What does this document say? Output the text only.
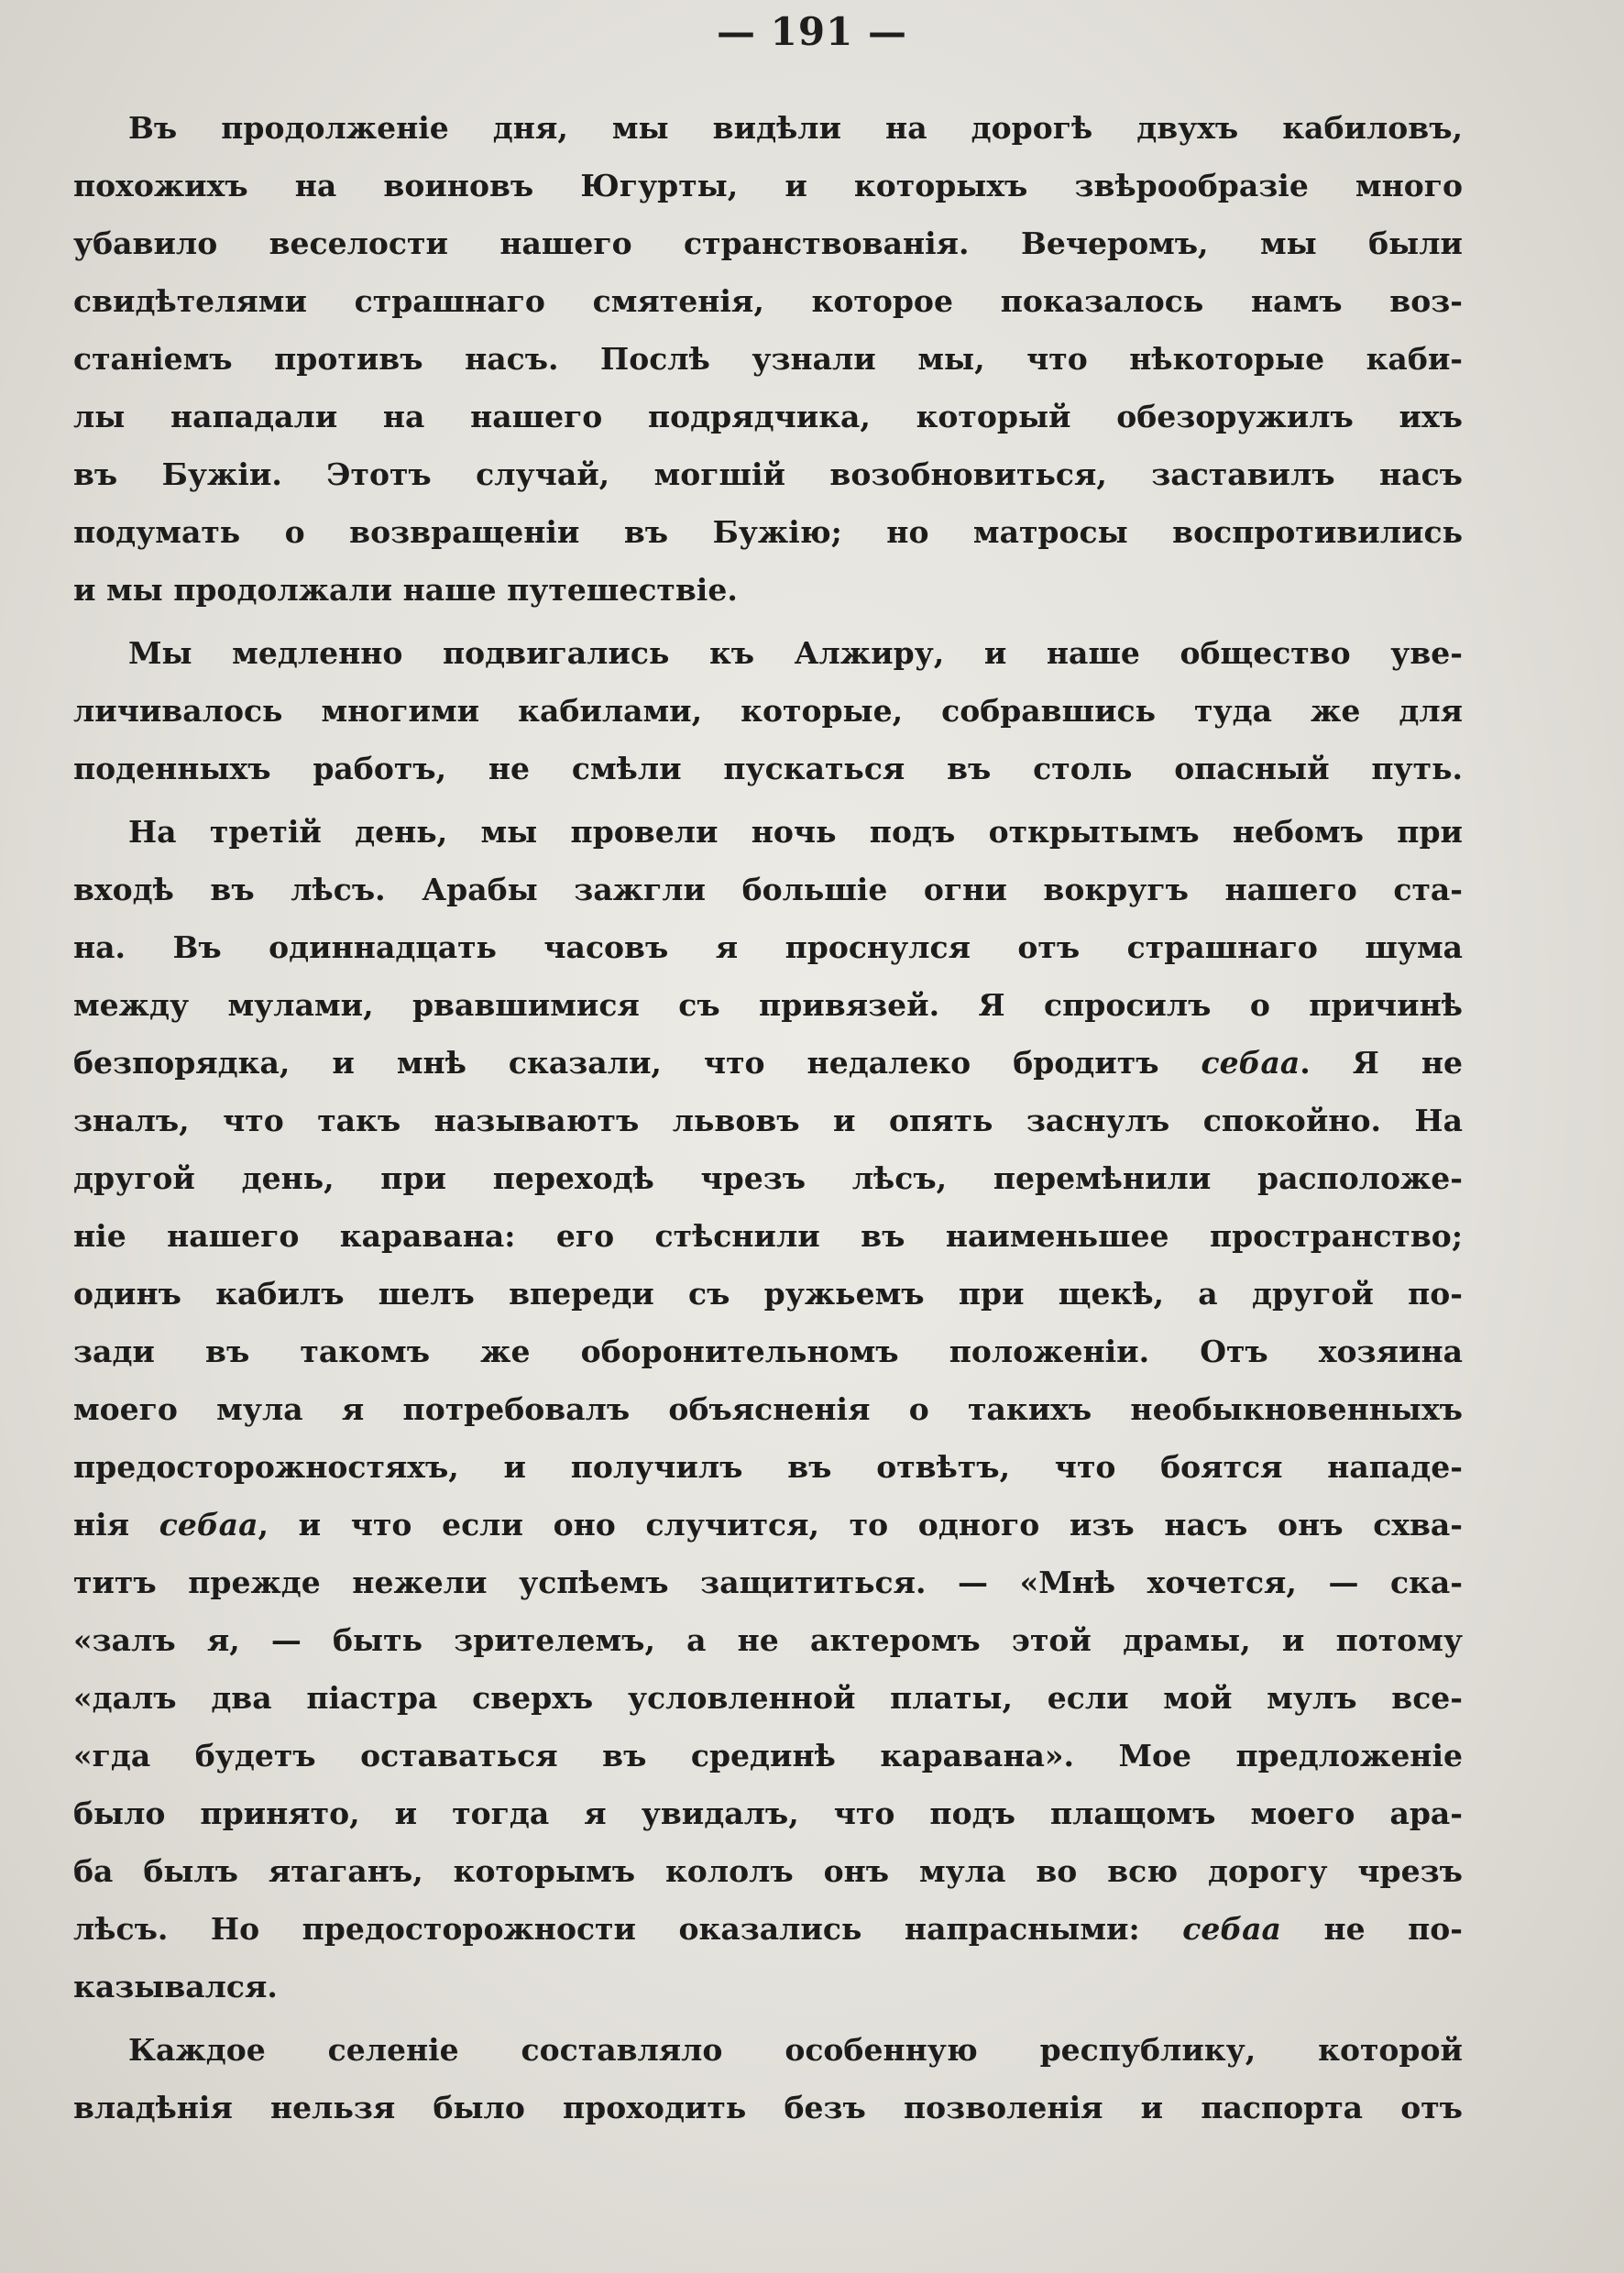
— 191 —
Въ продолженіе дня, мы видѣли на дорогѣ двухъ кабиловъ,
похожихъ на воиновъ Югурты, и которыхъ звѣрообразіе много
убавило веселости нашего странствованія. Вечеромъ, мы были
свидѣтелями страшнаго смятенія, которое показалось намъ воз-
станіемъ противъ насъ. Послѣ узнали мы, что нѣкоторые каби-
лы нападали на нашего подрядчика, который обезоружилъ ихъ
въ Бужіи. Этотъ случай, могшій возобновиться, заставилъ насъ
подумать о возвращеніи въ Бужію; но матросы воспротивились
и мы продолжали наше путешествіе.
Мы медленно подвигались къ Алжиру, и наше общество уве-
личивалось многими кабилами, которые, собравшись туда же для
поденныхъ работъ, не смѣли пускаться въ столь опасный путь.
На третій день, мы провели ночь подъ открытымъ небомъ при
входѣ въ лѣсъ. Арабы зажгли большіе огни вокругъ нашего ста-
на. Въ одиннадцать часовъ я проснулся отъ страшнаго шума
между мулами, рвавшимися съ привязей. Я спросилъ о причинѣ
безпорядка, и мнѣ сказали, что недалеко бродитъ себаа. Я не
зналъ, что такъ называютъ львовъ и опять заснулъ спокойно. На
другой день, при переходѣ чрезъ лѣсъ, перемѣнили расположе-
ніе нашего каравана: его стѣснили въ наименьшее пространство;
одинъ кабилъ шелъ впереди съ ружьемъ при щекѣ, а другой по-
зади въ такомъ же оборонительномъ положеніи. Отъ хозяина
моего мула я потребовалъ объясненія о такихъ необыкновенныхъ
предосторожностяхъ, и получилъ въ отвѣтъ, что боятся нападе-
нія себаа, и что если оно случится, то одного изъ насъ онъ схва-
титъ прежде нежели успѣемъ защититься. — «Мнѣ хочется, — ска-
«залъ я, — быть зрителемъ, а не актеромъ этой драмы, и потому
«далъ два піастра сверхъ условленной платы, если мой мулъ все-
«гда будетъ оставаться въ срединѣ каравана». Мое предложеніе
было принято, и тогда я увидалъ, что подъ плащомъ моего ара-
ба былъ ятаганъ, которымъ кололъ онъ мула во всю дорогу чрезъ
лѣсъ. Но предосторожности оказались напрасными: себаа не по-
казывался.
Каждое селеніе составляло особенную республику, которой
владѣнія нельзя было проходить безъ позволенія и паспорта отъ
